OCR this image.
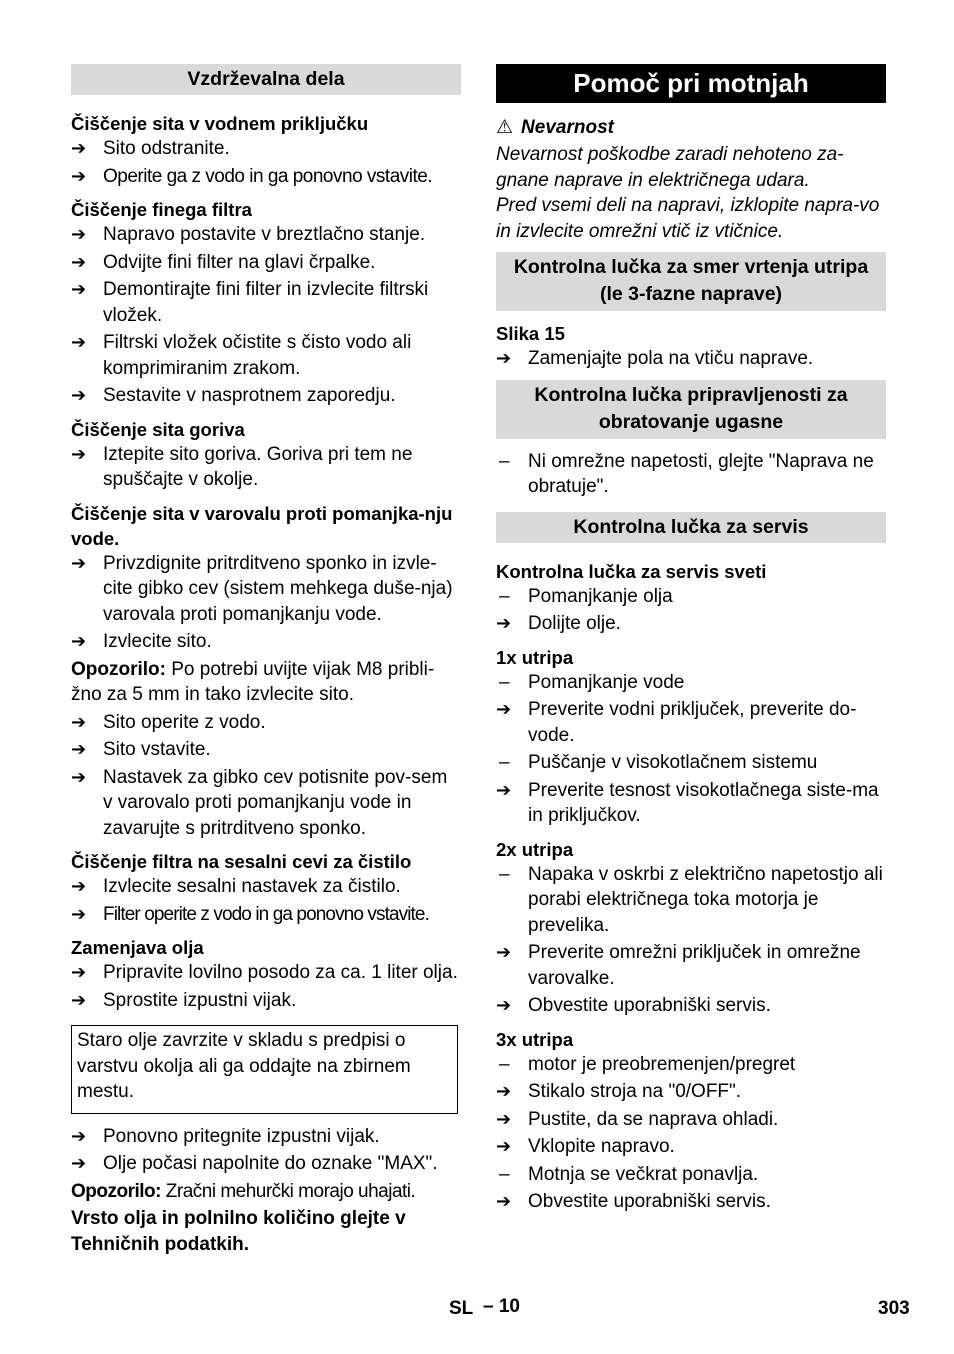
Vzdrževalna dela
Čiščenje sita v vodnem priključku
➔ Sito odstranite.
➔ Operite ga z vodo in ga ponovno vstavite.
Čiščenje finega filtra
➔ Napravo postavite v breztlačno stanje.
➔ Odvijte fini filter na glavi črpalke.
➔ Demontirajte fini filter in izvlecite filtrski vložek.
➔ Filtrski vložek očistite s čisto vodo ali komprimiranim zrakom.
➔ Sestavite v nasprotnem zaporedju.
Čiščenje sita goriva
➔ Iztepite sito goriva. Goriva pri tem ne spuščajte v okolje.
Čiščenje sita v varovalu proti pomanjka-nju vode.
➔ Privzdignite pritrditveno sponko in izvle-cite gibko cev (sistem mehkega duše-nja) varovala proti pomanjkanju vode.
➔ Izvlecite sito.
Opozorilo: Po potrebi uvijte vijak M8 pribli-žno za 5 mm in tako izvlecite sito.
➔ Sito operite z vodo.
➔ Sito vstavite.
➔ Nastavek za gibko cev potisnite pov-sem v varovalo proti pomanjkanju vode in zavarujte s pritrditveno sponko.
Čiščenje filtra na sesalni cevi za čistilo
➔ Izvlecite sesalni nastavek za čistilo.
➔ Filter operite z vodo in ga ponovno vstavite.
Zamenjava olja
➔ Pripravite lovilno posodo za ca. 1 liter olja.
➔ Sprostite izpustni vijak.
Staro olje zavrzite v skladu s predpisi o varstvu okolja ali ga oddajte na zbirnem mestu.
➔ Ponovno pritegnite izpustni vijak.
➔ Olje počasi napolnite do oznake "MAX".
Opozorilo: Zračni mehurčki morajo uhajati.
Vrsto olja in polnilno količino glejte v Tehničnih podatkih.
Pomoč pri motnjah
⚠ Nevarnost
Nevarnost poškodbe zaradi nehoteno za-gnane naprave in električnega udara.
Pred vsemi deli na napravi, izklopite napra-vo in izvlecite omrežni vtič iz vtičnice.
Kontrolna lučka za smer vrtenja utripa (le 3-fazne naprave)
Slika 15
➔ Zamenjajte pola na vtiču naprave.
Kontrolna lučka pripravljenosti za obratovanje ugasne
– Ni omrežne napetosti, glejte "Naprava ne obratuje".
Kontrolna lučka za servis
Kontrolna lučka za servis sveti
– Pomanjkanje olja
➔ Dolijte olje.
1x utripa
– Pomanjkanje vode
➔ Preverite vodni priključek, preverite do-vode.
– Puščanje v visokotlačnem sistemu
➔ Preverite tesnost visokotlačnega siste-ma in priključkov.
2x utripa
– Napaka v oskrbi z električno napetostjo ali porabi električnega toka motorja je prevelika.
➔ Preverite omrežni priključek in omrežne varovalke.
➔ Obvestite uporabniški servis.
3x utripa
– motor je preobremenjen/pregret
➔ Stikalo stroja na "0/OFF".
➔ Pustite, da se naprava ohladi.
➔ Vklopite napravo.
– Motnja se večkrat ponavlja.
➔ Obvestite uporabniški servis.
SL – 10	303
